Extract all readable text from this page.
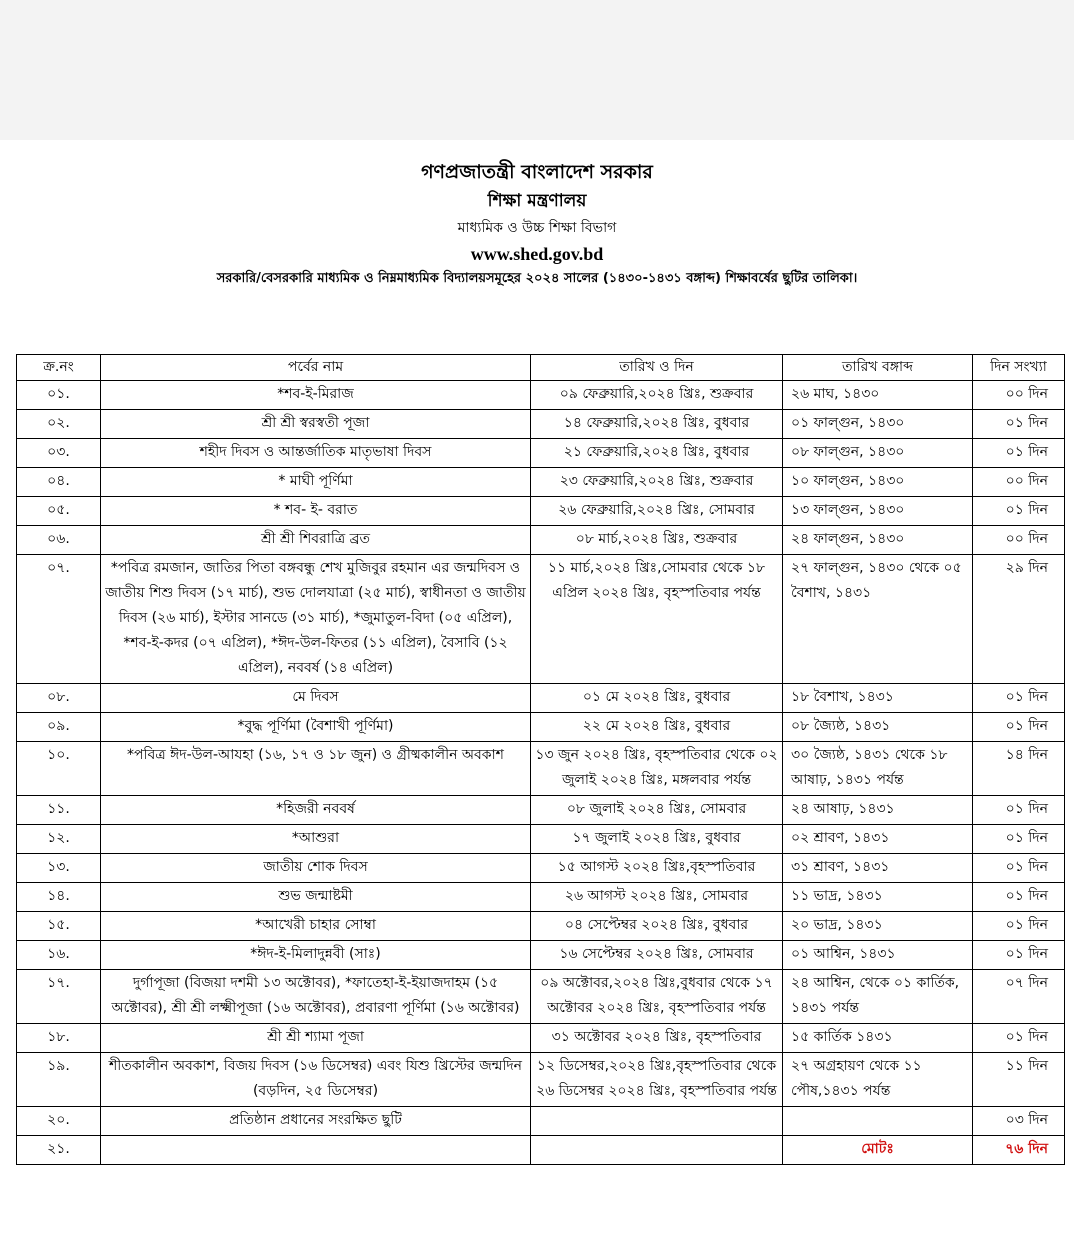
গণপ্রজাতন্ত্রী বাংলাদেশ সরকার
শিক্ষা মন্ত্রণালয়
মাধ্যমিক ও উচ্চ শিক্ষা বিভাগ
www.shed.gov.bd
সরকারি/বেসরকারি মাধ্যমিক ও নিম্নমাধ্যমিক বিদ্যালয়সমূহের ২০২৪ সালের (১৪৩০-১৪৩১ বঙ্গাব্দ) শিক্ষাবর্ষের ছুটির তালিকা।
ক্র.নং	পর্বের নাম	তারিখ ও দিন	তারিখ বঙ্গাব্দ	দিন সংখ্যা
০১.	*শব-ই-মিরাজ	০৯ ফেব্রুয়ারি,২০২৪ খ্রিঃ, শুক্রবার	২৬ মাঘ, ১৪৩০	০০ দিন
০২.	শ্রী শ্রী স্বরস্বতী পূজা	১৪ ফেব্রুয়ারি,২০২৪ খ্রিঃ, বুধবার	০১ ফাল্গুন, ১৪৩০	০১ দিন
০৩.	শহীদ দিবস ও আন্তর্জাতিক মাতৃভাষা দিবস	২১ ফেব্রুয়ারি,২০২৪ খ্রিঃ, বুধবার	০৮ ফাল্গুন, ১৪৩০	০১ দিন
০৪.	* মাঘী পূর্ণিমা	২৩ ফেব্রুয়ারি,২০২৪ খ্রিঃ, শুক্রবার	১০ ফাল্গুন, ১৪৩০	০০ দিন
০৫.	* শব- ই- বরাত	২৬ ফেব্রুয়ারি,২০২৪ খ্রিঃ, সোমবার	১৩ ফাল্গুন, ১৪৩০	০১ দিন
০৬.	শ্রী শ্রী শিবরাত্রি ব্রত	০৮ মার্চ,২০২৪ খ্রিঃ, শুক্রবার	২৪ ফাল্গুন, ১৪৩০	০০ দিন
০৭.	*পবিত্র রমজান, জাতির পিতা বঙ্গবন্ধু শেখ মুজিবুর রহমান এর জন্মদিবস ও জাতীয় শিশু দিবস (১৭ মার্চ), শুভ দোলযাত্রা (২৫ মার্চ), স্বাধীনতা ও জাতীয় দিবস (২৬ মার্চ), ইস্টার সানডে (৩১ মার্চ), *জুমাতুল-বিদা (০৫ এপ্রিল), *শব-ই-কদর (০৭ এপ্রিল), *ঈদ-উল-ফিতর (১১ এপ্রিল), বৈসাবি (১২ এপ্রিল), নববর্ষ (১৪ এপ্রিল)	১১ মার্চ,২০২৪ খ্রিঃ,সোমবার থেকে ১৮ এপ্রিল ২০২৪ খ্রিঃ, বৃহস্পতিবার পর্যন্ত	২৭ ফাল্গুন, ১৪৩০ থেকে ০৫ বৈশাখ, ১৪৩১	২৯ দিন
০৮.	মে দিবস	০১ মে ২০২৪ খ্রিঃ, বুধবার	১৮ বৈশাখ, ১৪৩১	০১ দিন
০৯.	*বুদ্ধ পূর্ণিমা (বৈশাখী পূর্ণিমা)	২২ মে ২০২৪ খ্রিঃ, বুধবার	০৮ জ্যৈষ্ঠ, ১৪৩১	০১ দিন
১০.	*পবিত্র ঈদ-উল-আযহা (১৬, ১৭ ও ১৮ জুন) ও গ্রীষ্মকালীন অবকাশ	১৩ জুন ২০২৪ খ্রিঃ, বৃহস্পতিবার থেকে ০২ জুলাই ২০২৪ খ্রিঃ, মঙ্গলবার পর্যন্ত	৩০ জ্যৈষ্ঠ, ১৪৩১ থেকে ১৮ আষাঢ়, ১৪৩১ পর্যন্ত	১৪ দিন
১১.	*হিজরী নববর্ষ	০৮ জুলাই ২০২৪ খ্রিঃ, সোমবার	২৪ আষাঢ়, ১৪৩১	০১ দিন
১২.	*আশুরা	১৭ জুলাই ২০২৪ খ্রিঃ, বুধবার	০২ শ্রাবণ, ১৪৩১	০১ দিন
১৩.	জাতীয় শোক দিবস	১৫ আগস্ট ২০২৪ খ্রিঃ,বৃহস্পতিবার	৩১ শ্রাবণ, ১৪৩১	০১ দিন
১৪.	শুভ জন্মাষ্টমী	২৬ আগস্ট ২০২৪ খ্রিঃ, সোমবার	১১ ভাদ্র, ১৪৩১	০১ দিন
১৫.	*আখেরী চাহার সোম্বা	০৪ সেপ্টেম্বর ২০২৪ খ্রিঃ, বুধবার	২০ ভাদ্র, ১৪৩১	০১ দিন
১৬.	*ঈদ-ই-মিলাদুন্নবী (সাঃ)	১৬ সেপ্টেম্বর ২০২৪ খ্রিঃ, সোমবার	০১ আশ্বিন, ১৪৩১	০১ দিন
১৭.	দুর্গাপূজা (বিজয়া দশমী ১৩ অক্টোবর), *ফাতেহা-ই-ইয়াজদাহম (১৫ অক্টোবর), শ্রী শ্রী লক্ষ্মীপূজা (১৬ অক্টোবর), প্রবারণা পূর্ণিমা (১৬ অক্টোবর)	০৯ অক্টোবর,২০২৪ খ্রিঃ,বুধবার থেকে ১৭ অক্টোবর ২০২৪ খ্রিঃ, বৃহস্পতিবার পর্যন্ত	২৪ আশ্বিন, থেকে ০১ কার্তিক, ১৪৩১ পর্যন্ত	০৭ দিন
১৮.	শ্রী শ্রী শ্যামা পূজা	৩১ অক্টোবর ২০২৪ খ্রিঃ, বৃহস্পতিবার	১৫ কার্তিক ১৪৩১	০১ দিন
১৯.	শীতকালীন অবকাশ, বিজয় দিবস (১৬ ডিসেম্বর) এবং যিশু খ্রিস্টের জন্মদিন (বড়দিন, ২৫ ডিসেম্বর)	১২ ডিসেম্বর,২০২৪ খ্রিঃ,বৃহস্পতিবার থেকে ২৬ ডিসেম্বর ২০২৪ খ্রিঃ, বৃহস্পতিবার পর্যন্ত	২৭ অগ্রহায়ণ থেকে ১১ পৌষ,১৪৩১ পর্যন্ত	১১ দিন
২০.	প্রতিষ্ঠান প্রধানের সংরক্ষিত ছুটি			০৩ দিন
২১.			মোটঃ	৭৬ দিন
